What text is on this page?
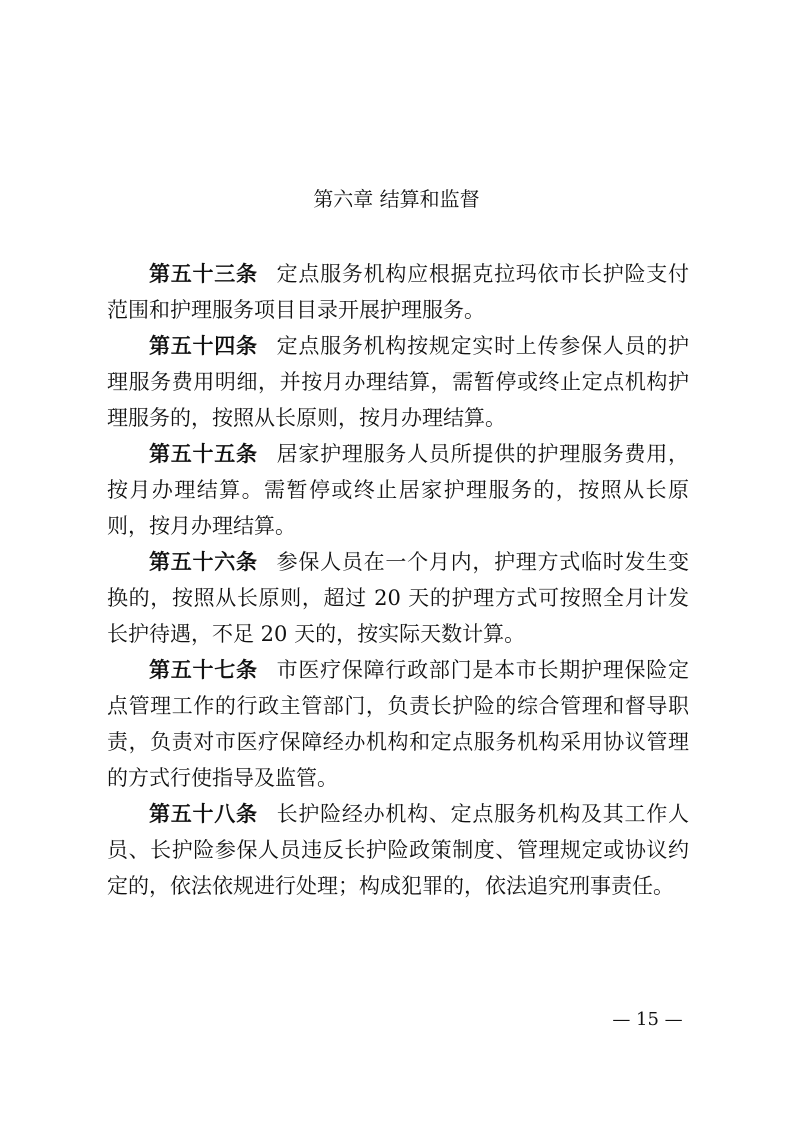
第六章 结算和监督

第五十三条 定点服务机构应根据克拉玛依市长护险支付范围和护理服务项目目录开展护理服务。

第五十四条 定点服务机构按规定实时上传参保人员的护理服务费用明细，并按月办理结算，需暂停或终止定点机构护理服务的，按照从长原则，按月办理结算。

第五十五条 居家护理服务人员所提供的护理服务费用，按月办理结算。需暂停或终止居家护理服务的，按照从长原则，按月办理结算。

第五十六条 参保人员在一个月内，护理方式临时发生变换的，按照从长原则，超过 20 天的护理方式可按照全月计发长护待遇，不足 20 天的，按实际天数计算。

第五十七条 市医疗保障行政部门是本市长期护理保险定点管理工作的行政主管部门，负责长护险的综合管理和督导职责，负责对市医疗保障经办机构和定点服务机构采用协议管理的方式行使指导及监管。

第五十八条 长护险经办机构、定点服务机构及其工作人员、长护险参保人员违反长护险政策制度、管理规定或协议约定的，依法依规进行处理；构成犯罪的，依法追究刑事责任。

— 15 —
